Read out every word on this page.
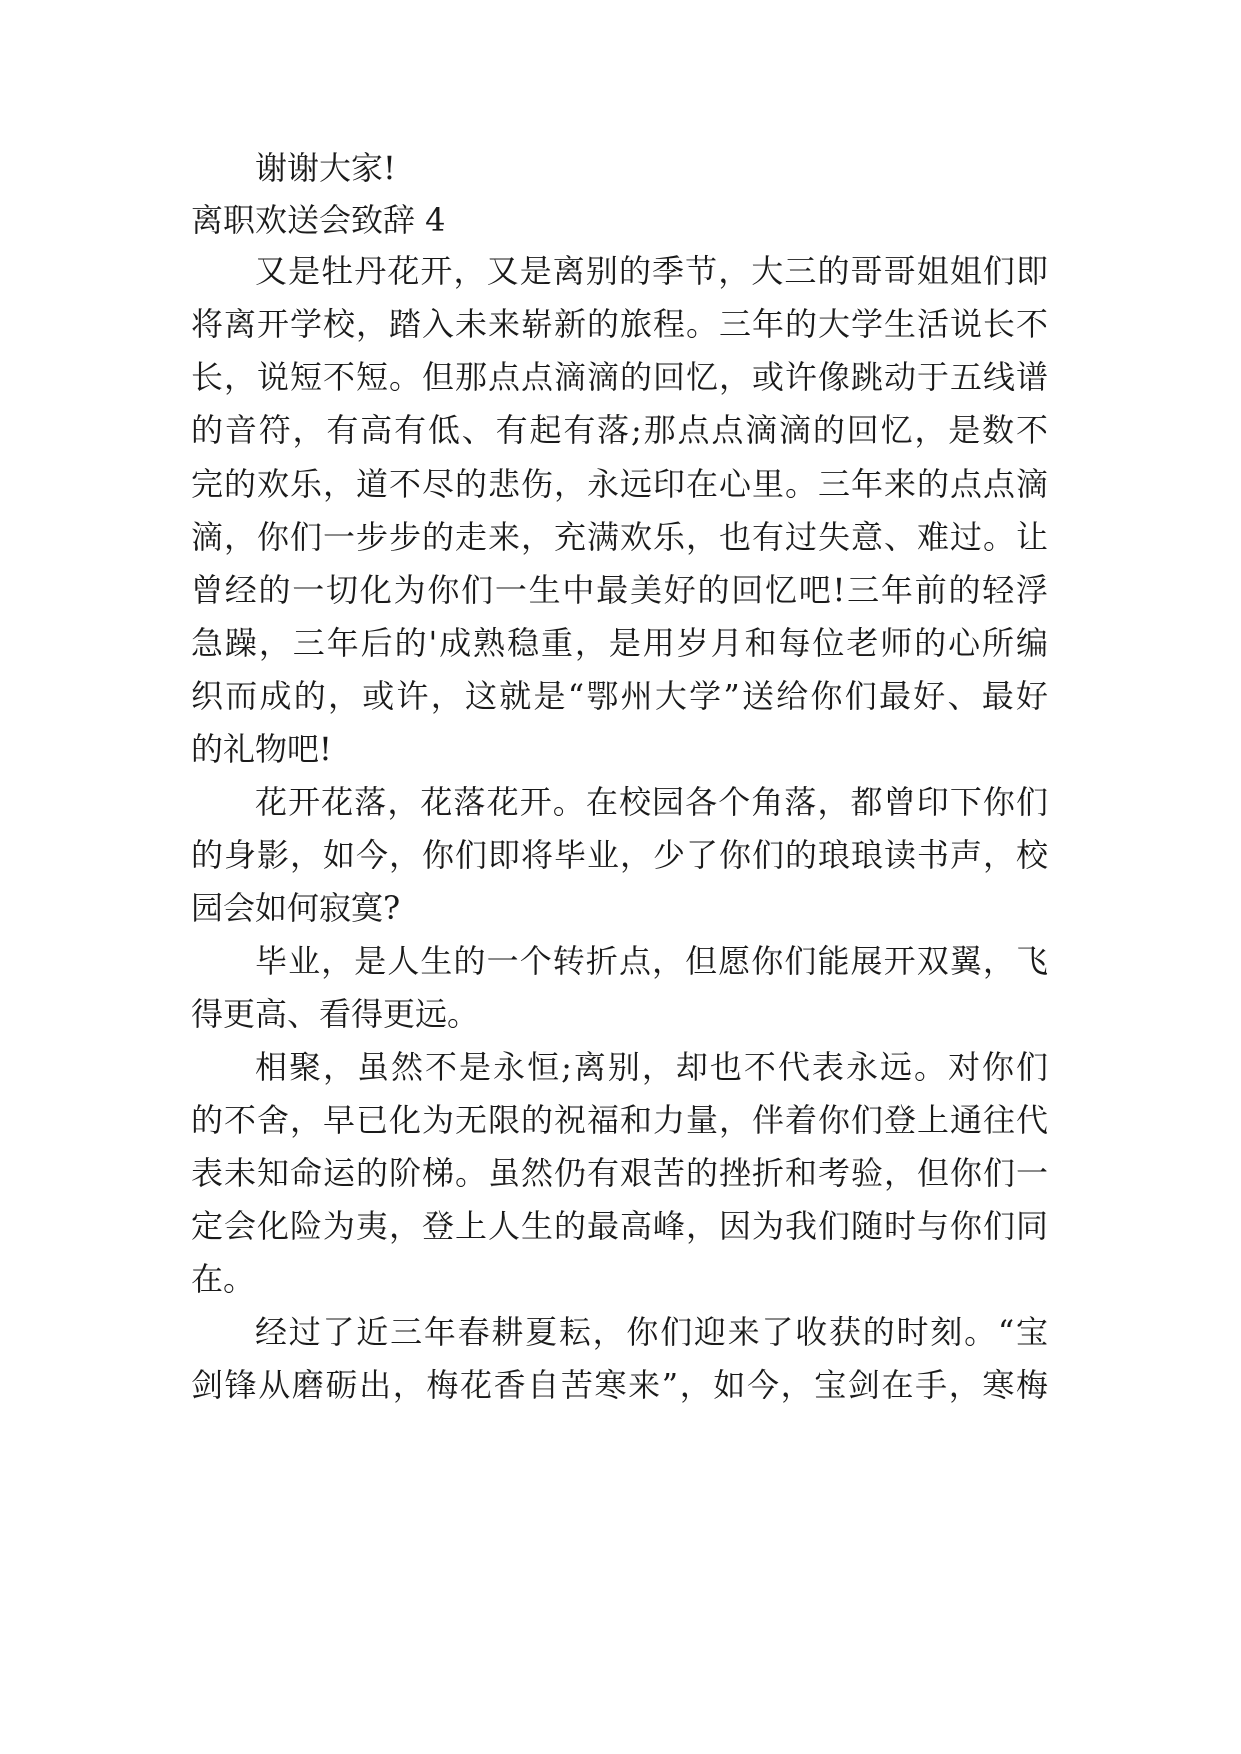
谢谢大家!
离职欢送会致辞 4
又是牡丹花开，又是离别的季节，大三的哥哥姐姐们即
将离开学校，踏入未来崭新的旅程。三年的大学生活说长不
长，说短不短。但那点点滴滴的回忆，或许像跳动于五线谱
的音符，有高有低、有起有落;那点点滴滴的回忆，是数不
完的欢乐，道不尽的悲伤，永远印在心里。三年来的点点滴
滴，你们一步步的走来，充满欢乐，也有过失意、难过。让
曾经的一切化为你们一生中最美好的回忆吧!三年前的轻浮
急躁，三年后的'成熟稳重，是用岁月和每位老师的心所编
织而成的，或许，这就是“鄂州大学”送给你们最好、最好
的礼物吧!
花开花落，花落花开。在校园各个角落，都曾印下你们
的身影，如今，你们即将毕业，少了你们的琅琅读书声，校
园会如何寂寞?
毕业，是人生的一个转折点，但愿你们能展开双翼，飞
得更高、看得更远。
相聚，虽然不是永恒;离别，却也不代表永远。对你们
的不舍，早已化为无限的祝福和力量，伴着你们登上通往代
表未知命运的阶梯。虽然仍有艰苦的挫折和考验，但你们一
定会化险为夷，登上人生的最高峰，因为我们随时与你们同
在。
经过了近三年春耕夏耘，你们迎来了收获的时刻。“宝
剑锋从磨砺出，梅花香自苦寒来”，如今，宝剑在手，寒梅
